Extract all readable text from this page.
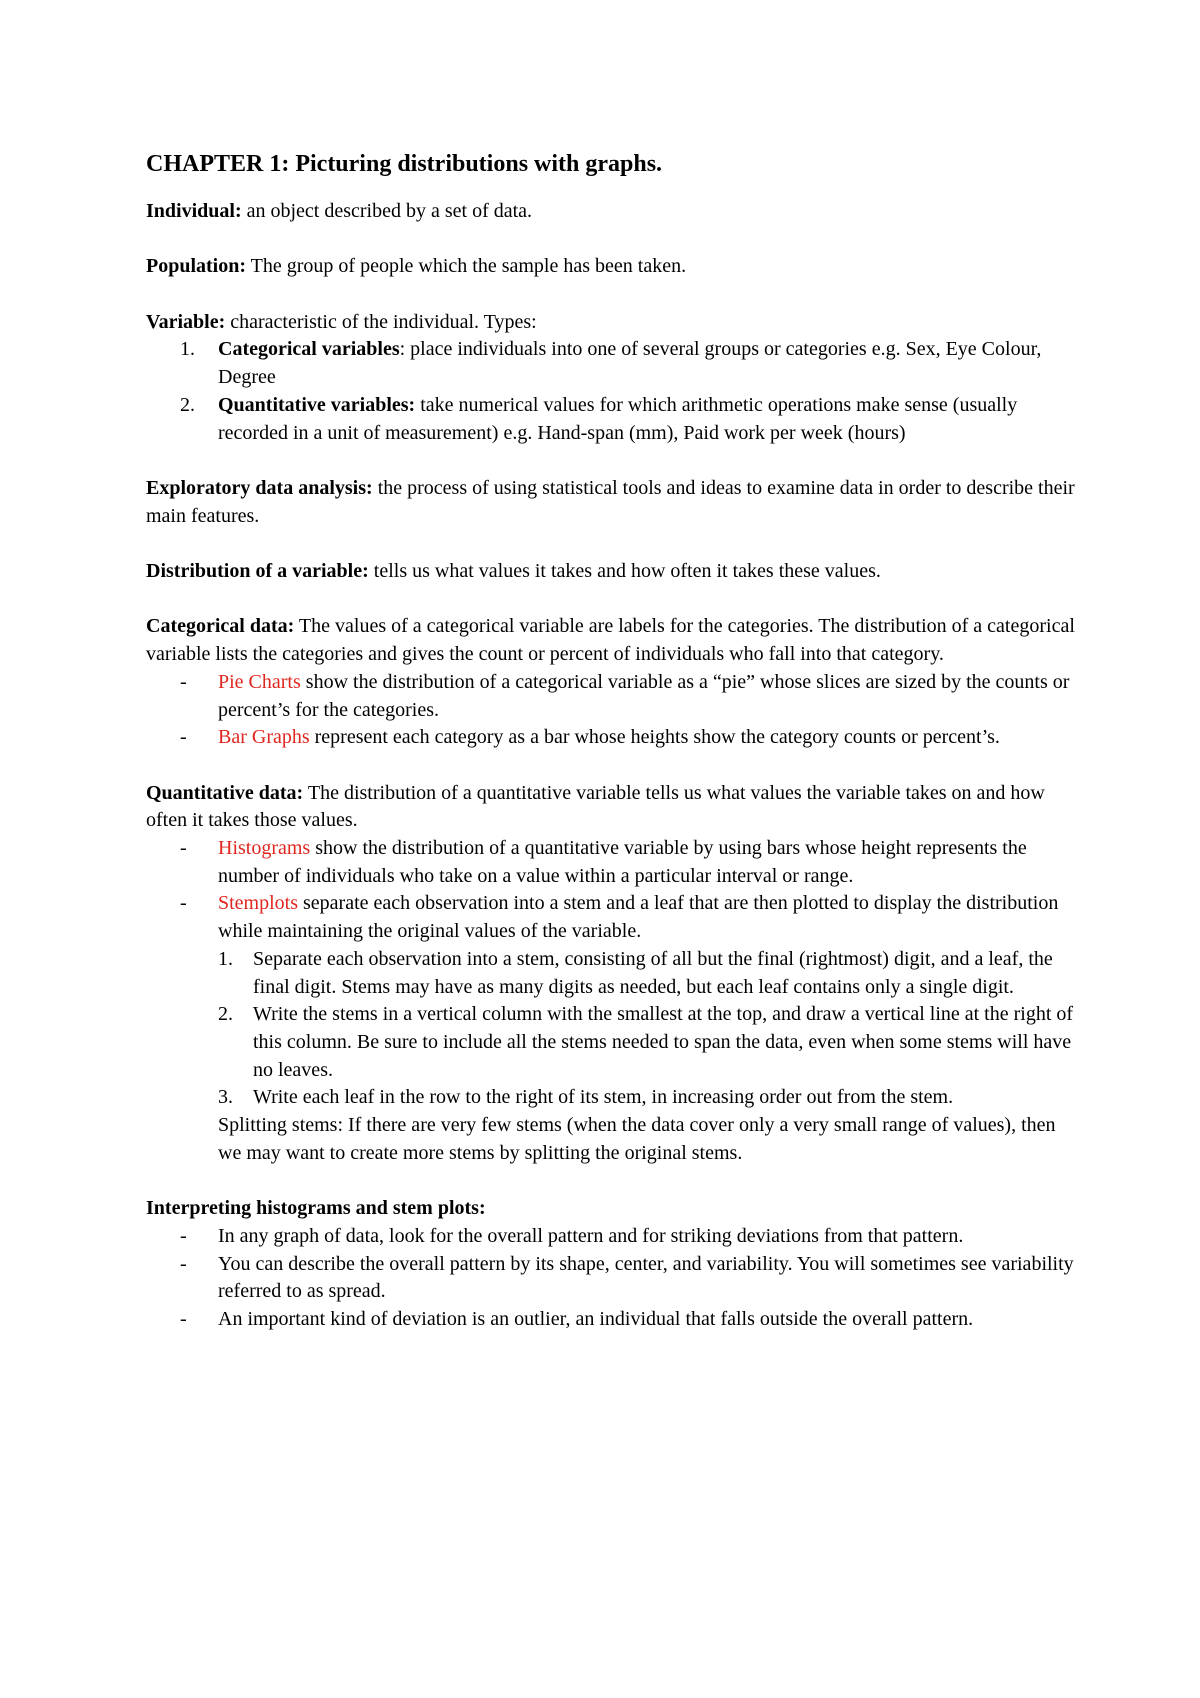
CHAPTER 1: Picturing distributions with graphs.

Individual: an object described by a set of data.

Population: The group of people which the sample has been taken.

Variable: characteristic of the individual. Types:

1. Categorical variables: place individuals into one of several groups or categories e.g. Sex, Eye Colour, Degree
2. Quantitative variables: take numerical values for which arithmetic operations make sense (usually recorded in a unit of measurement) e.g. Hand-span (mm), Paid work per week (hours)

Exploratory data analysis: the process of using statistical tools and ideas to examine data in order to describe their main features.

Distribution of a variable: tells us what values it takes and how often it takes these values.

Categorical data: The values of a categorical variable are labels for the categories. The distribution of a categorical variable lists the categories and gives the count or percent of individuals who fall into that category.

- Pie Charts show the distribution of a categorical variable as a “pie” whose slices are sized by the counts or percent’s for the categories.
- Bar Graphs represent each category as a bar whose heights show the category counts or percent’s.

Quantitative data: The distribution of a quantitative variable tells us what values the variable takes on and how often it takes those values.

- Histograms show the distribution of a quantitative variable by using bars whose height represents the number of individuals who take on a value within a particular interval or range.
- Stemplots separate each observation into a stem and a leaf that are then plotted to display the distribution while maintaining the original values of the variable.
1. Separate each observation into a stem, consisting of all but the final (rightmost) digit, and a leaf, the final digit. Stems may have as many digits as needed, but each leaf contains only a single digit.
2. Write the stems in a vertical column with the smallest at the top, and draw a vertical line at the right of this column. Be sure to include all the stems needed to span the data, even when some stems will have no leaves.
3. Write each leaf in the row to the right of its stem, in increasing order out from the stem.
Splitting stems: If there are very few stems (when the data cover only a very small range of values), then we may want to create more stems by splitting the original stems.

Interpreting histograms and stem plots:

- In any graph of data, look for the overall pattern and for striking deviations from that pattern.
- You can describe the overall pattern by its shape, center, and variability. You will sometimes see variability referred to as spread.
- An important kind of deviation is an outlier, an individual that falls outside the overall pattern.
